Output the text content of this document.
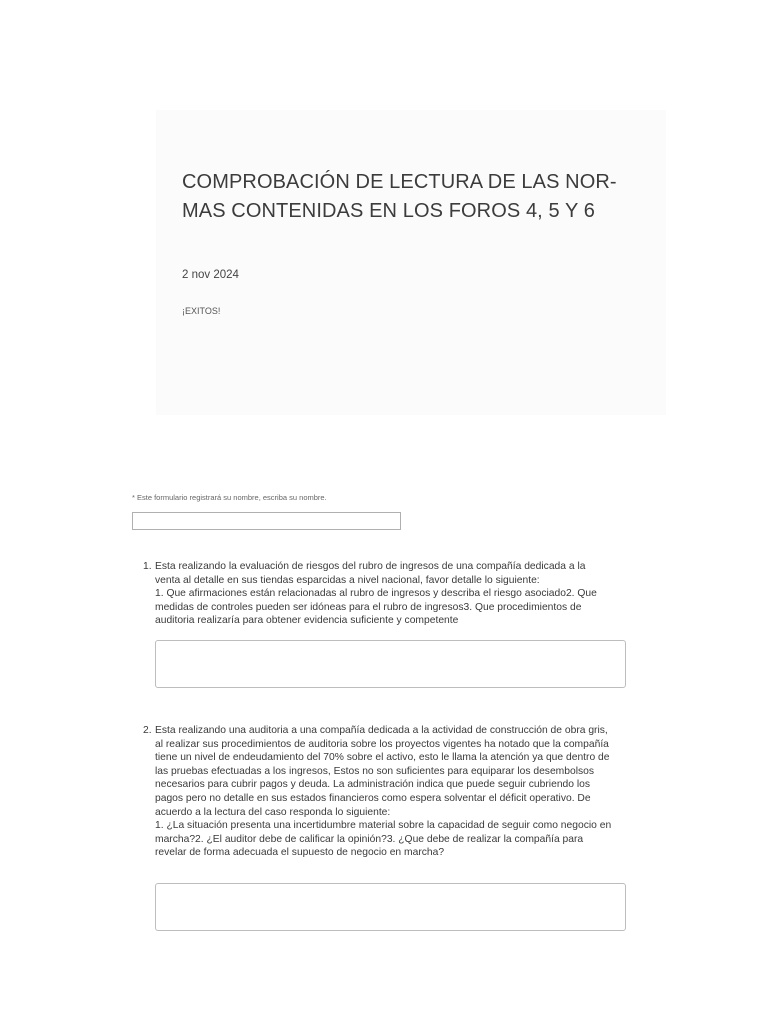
COMPROBACIÓN DE LECTURA DE LAS NOR-
MAS CONTENIDAS EN LOS FOROS 4, 5 Y 6
2 nov 2024
¡EXITOS!
* Este formulario registrará su nombre, escriba su nombre.
1. Esta realizando la evaluación de riesgos del rubro de ingresos de una compañía dedicada a la venta al detalle en sus tiendas esparcidas a nivel nacional, favor detalle lo siguiente:
1. Que afirmaciones están relacionadas al rubro de ingresos y describa el riesgo asociado2. Que medidas de controles pueden ser idóneas para el rubro de ingresos3. Que procedimientos de auditoria realizaría para obtener evidencia suficiente y competente
2. Esta realizando una auditoria a una compañía dedicada a la actividad de construcción de obra gris, al realizar sus procedimientos de auditoria sobre los proyectos vigentes ha notado que la compañía tiene un nivel de endeudamiento del 70% sobre el activo, esto le llama la atención ya que dentro de las pruebas efectuadas a los ingresos, Estos no son suficientes para equiparar los desembolsos necesarios para cubrir pagos y deuda. La administración indica que puede seguir cubriendo los pagos pero no detalle en sus estados financieros como espera solventar el déficit operativo. De acuerdo a la lectura del caso responda lo siguiente:
1. ¿La situación presenta una incertidumbre material sobre la capacidad de seguir como negocio en marcha?2. ¿El auditor debe de calificar la opinión?3. ¿Que debe de realizar la compañía para revelar de forma adecuada el supuesto de negocio en marcha?
